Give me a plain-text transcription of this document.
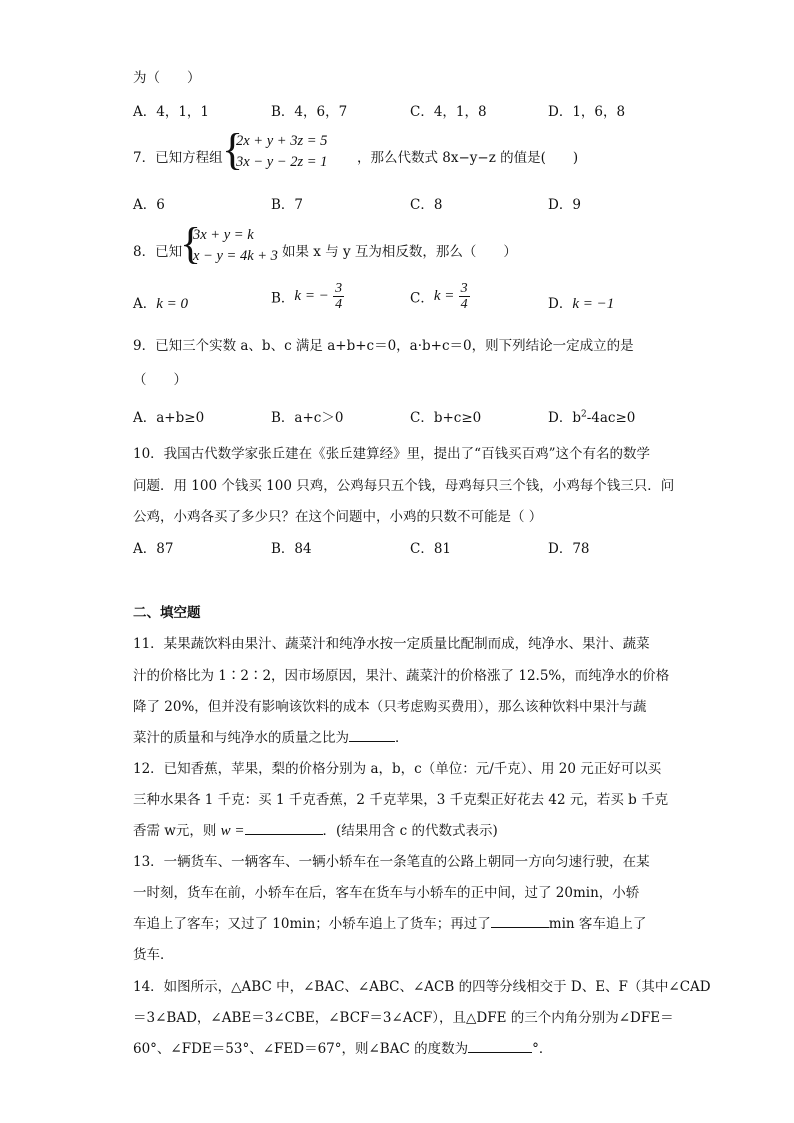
为（　　）
A．4，1，1	B．4，6，7	C．4，1，8	D．1，6，8
7．已知方程组 {
2x + y + 3z = 5
3x − y − 2z = 1 ，那么代数式 8x−y−z 的值是(　　)
A．6	B．7	C．8	D．9
8．已知
{
3x + y = k
x − y = 4k + 3 如果 x 与 y 互为相反数，那么（　　）
A．k = 0	B．k = − $\frac{3}{4}$	C．$k = \frac{3}{4}$	D．k = −1
9．已知三个实数 a、b、c 满足 a+b+c＝0，a·b+c＝0，则下列结论一定成立的是
（　　）
A．a+b≥0	B．a+c＞0	C．b+c≥0	D．$b^2-4ac\ge 0$
10．我国古代数学家张丘建在《张丘建算经》里，提出了“百钱买百鸡”这个有名的数学
问题．用 100 个钱买 100 只鸡，公鸡每只五个钱，母鸡每只三个钱，小鸡每个钱三只．问
公鸡，小鸡各买了多少只？在这个问题中，小鸡的只数不可能是（ ）
A．87	B．84	C．81	D．78
二、填空题
11．某果蔬饮料由果汁、蔬菜汁和纯净水按一定质量比配制而成，纯净水、果汁、蔬菜
汁的价格比为 1∶2∶2，因市场原因，果汁、蔬菜汁的价格涨了 12.5%，而纯净水的价格
降了 20%，但并没有影响该饮料的成本（只考虑购买费用），那么该种饮料中果汁与蔬
菜汁的质量和与纯净水的质量之比为	．
12．已知香蕉，苹果，梨的价格分别为 a，b，c（单位：元/千克）、用 20 元正好可以买
三种水果各 1 千克：买 1 千克香蕉，2 千克苹果，3 千克梨正好花去 42 元，若买 b 千克
香需 w元，则 w =	．(结果用含 c 的代数式表示)
13．一辆货车、一辆客车、一辆小轿车在一条笔直的公路上朝同一方向匀速行驶，在某
一时刻，货车在前，小轿车在后，客车在货车与小轿车的正中间，过了 20min，小轿
车追上了客车；又过了 10min；小轿车追上了货车；再过了	min 客车追上了
货车．
14．如图所示，△ABC 中，∠BAC、∠ABC、∠ACB 的四等分线相交于 D、E、F（其中∠CAD
＝3∠BAD，∠ABE＝3∠CBE，∠BCF＝3∠ACF），且△DFE 的三个内角分别为∠DFE＝
60°、∠FDE＝53°、∠FED＝67°，则∠BAC 的度数为	°．
